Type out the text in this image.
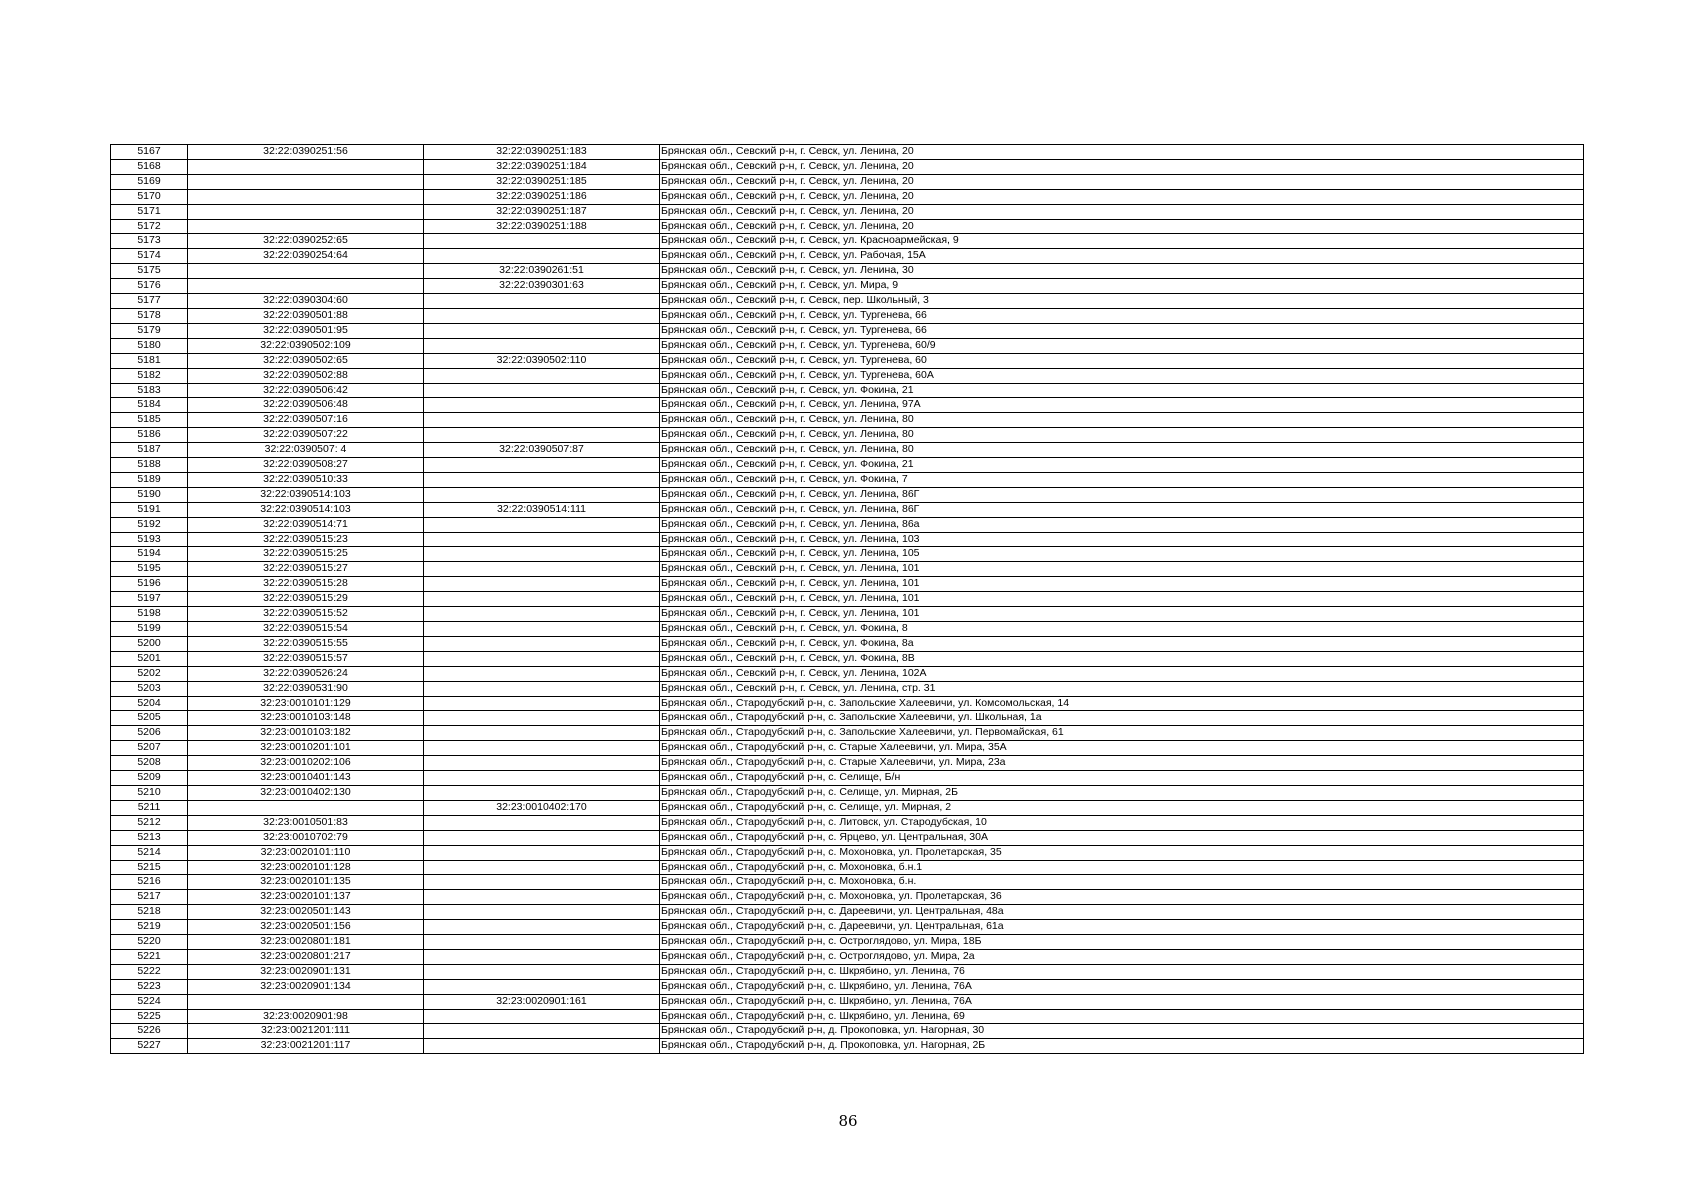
5167	32:22:0390251:56	32:22:0390251:183	Брянская обл., Севский р-н, г. Севск, ул. Ленина, 20
5168		32:22:0390251:184	Брянская обл., Севский р-н, г. Севск, ул. Ленина, 20
5169		32:22:0390251:185	Брянская обл., Севский р-н, г. Севск, ул. Ленина, 20
5170		32:22:0390251:186	Брянская обл., Севский р-н, г. Севск, ул. Ленина, 20
5171		32:22:0390251:187	Брянская обл., Севский р-н, г. Севск, ул. Ленина, 20
5172		32:22:0390251:188	Брянская обл., Севский р-н, г. Севск, ул. Ленина, 20
5173	32:22:0390252:65		Брянская обл., Севский р-н, г. Севск, ул. Красноармейская, 9
5174	32:22:0390254:64		Брянская обл., Севский р-н, г. Севск, ул. Рабочая, 15А
5175		32:22:0390261:51	Брянская обл., Севский р-н, г. Севск, ул. Ленина, 30
5176		32:22:0390301:63	Брянская обл., Севский р-н, г. Севск, ул. Мира, 9
5177	32:22:0390304:60		Брянская обл., Севский р-н, г. Севск, пер. Школьный, 3
5178	32:22:0390501:88		Брянская обл., Севский р-н, г. Севск, ул. Тургенева, 66
5179	32:22:0390501:95		Брянская обл., Севский р-н, г. Севск, ул. Тургенева, 66
5180	32:22:0390502:109		Брянская обл., Севский р-н, г. Севск, ул. Тургенева, 60/9
5181	32:22:0390502:65	32:22:0390502:110	Брянская обл., Севский р-н, г. Севск, ул. Тургенева, 60
5182	32:22:0390502:88		Брянская обл., Севский р-н, г. Севск, ул. Тургенева, 60А
5183	32:22:0390506:42		Брянская обл., Севский р-н, г. Севск, ул. Фокина, 21
5184	32:22:0390506:48		Брянская обл., Севский р-н, г. Севск, ул. Ленина, 97А
5185	32:22:0390507:16		Брянская обл., Севский р-н, г. Севск, ул. Ленина, 80
5186	32:22:0390507:22		Брянская обл., Севский р-н, г. Севск, ул. Ленина, 80
5187	32:22:0390507: 4	32:22:0390507:87	Брянская обл., Севский р-н, г. Севск, ул. Ленина, 80
5188	32:22:0390508:27		Брянская обл., Севский р-н, г. Севск, ул. Фокина, 21
5189	32:22:0390510:33		Брянская обл., Севский р-н, г. Севск, ул. Фокина, 7
5190	32:22:0390514:103		Брянская обл., Севский р-н, г. Севск, ул. Ленина, 86Г
5191	32:22:0390514:103	32:22:0390514:111	Брянская обл., Севский р-н, г. Севск, ул. Ленина, 86Г
5192	32:22:0390514:71		Брянская обл., Севский р-н, г. Севск, ул. Ленина, 86а
5193	32:22:0390515:23		Брянская обл., Севский р-н, г. Севск, ул. Ленина, 103
5194	32:22:0390515:25		Брянская обл., Севский р-н, г. Севск, ул. Ленина, 105
5195	32:22:0390515:27		Брянская обл., Севский р-н, г. Севск, ул. Ленина, 101
5196	32:22:0390515:28		Брянская обл., Севский р-н, г. Севск, ул. Ленина, 101
5197	32:22:0390515:29		Брянская обл., Севский р-н, г. Севск, ул. Ленина, 101
5198	32:22:0390515:52		Брянская обл., Севский р-н, г. Севск, ул. Ленина, 101
5199	32:22:0390515:54		Брянская обл., Севский р-н, г. Севск, ул. Фокина, 8
5200	32:22:0390515:55		Брянская обл., Севский р-н, г. Севск, ул. Фокина, 8а
5201	32:22:0390515:57		Брянская обл., Севский р-н, г. Севск, ул. Фокина, 8В
5202	32:22:0390526:24		Брянская обл., Севский р-н, г. Севск, ул. Ленина, 102А
5203	32:22:0390531:90		Брянская обл., Севский р-н, г. Севск, ул. Ленина, стр. 31
5204	32:23:0010101:129		Брянская обл., Стародубский р-н, с. Запольские Халеевичи, ул. Комсомольская, 14
5205	32:23:0010103:148		Брянская обл., Стародубский р-н, с. Запольские Халеевичи, ул. Школьная, 1а
5206	32:23:0010103:182		Брянская обл., Стародубский р-н, с. Запольские Халеевичи, ул. Первомайская, 61
5207	32:23:0010201:101		Брянская обл., Стародубский р-н, с. Старые Халеевичи, ул. Мира, 35А
5208	32:23:0010202:106		Брянская обл., Стародубский р-н, с. Старые Халеевичи, ул. Мира, 23а
5209	32:23:0010401:143		Брянская обл., Стародубский р-н, с. Селище, Б/н
5210	32:23:0010402:130		Брянская обл., Стародубский р-н, с. Селище, ул. Мирная, 2Б
5211		32:23:0010402:170	Брянская обл., Стародубский р-н, с. Селище, ул. Мирная, 2
5212	32:23:0010501:83		Брянская обл., Стародубский р-н, с. Литовск, ул. Стародубская, 10
5213	32:23:0010702:79		Брянская обл., Стародубский р-н, с. Ярцево, ул. Центральная, 30А
5214	32:23:0020101:110		Брянская обл., Стародубский р-н, с. Мохоновка, ул. Пролетарская, 35
5215	32:23:0020101:128		Брянская обл., Стародубский р-н, с. Мохоновка, б.н.1
5216	32:23:0020101:135		Брянская обл., Стародубский р-н, с. Мохоновка, б.н.
5217	32:23:0020101:137		Брянская обл., Стародубский р-н, с. Мохоновка, ул. Пролетарская, 36
5218	32:23:0020501:143		Брянская обл., Стародубский р-н, с. Дареевичи, ул. Центральная, 48а
5219	32:23:0020501:156		Брянская обл., Стародубский р-н, с. Дареевичи, ул. Центральная, 61а
5220	32:23:0020801:181		Брянская обл., Стародубский р-н, с. Остроглядово, ул. Мира, 18Б
5221	32:23:0020801:217		Брянская обл., Стародубский р-н, с. Остроглядово, ул. Мира, 2а
5222	32:23:0020901:131		Брянская обл., Стародубский р-н, с. Шкрябино, ул. Ленина, 76
5223	32:23:0020901:134		Брянская обл., Стародубский р-н, с. Шкрябино, ул. Ленина, 76А
5224		32:23:0020901:161	Брянская обл., Стародубский р-н, с. Шкрябино, ул. Ленина, 76А
5225	32:23:0020901:98		Брянская обл., Стародубский р-н, с. Шкрябино, ул. Ленина, 69
5226	32:23:0021201:111		Брянская обл., Стародубский р-н, д. Прокоповка, ул. Нагорная, 30
5227	32:23:0021201:117		Брянская обл., Стародубский р-н, д. Прокоповка, ул. Нагорная, 2Б
86
